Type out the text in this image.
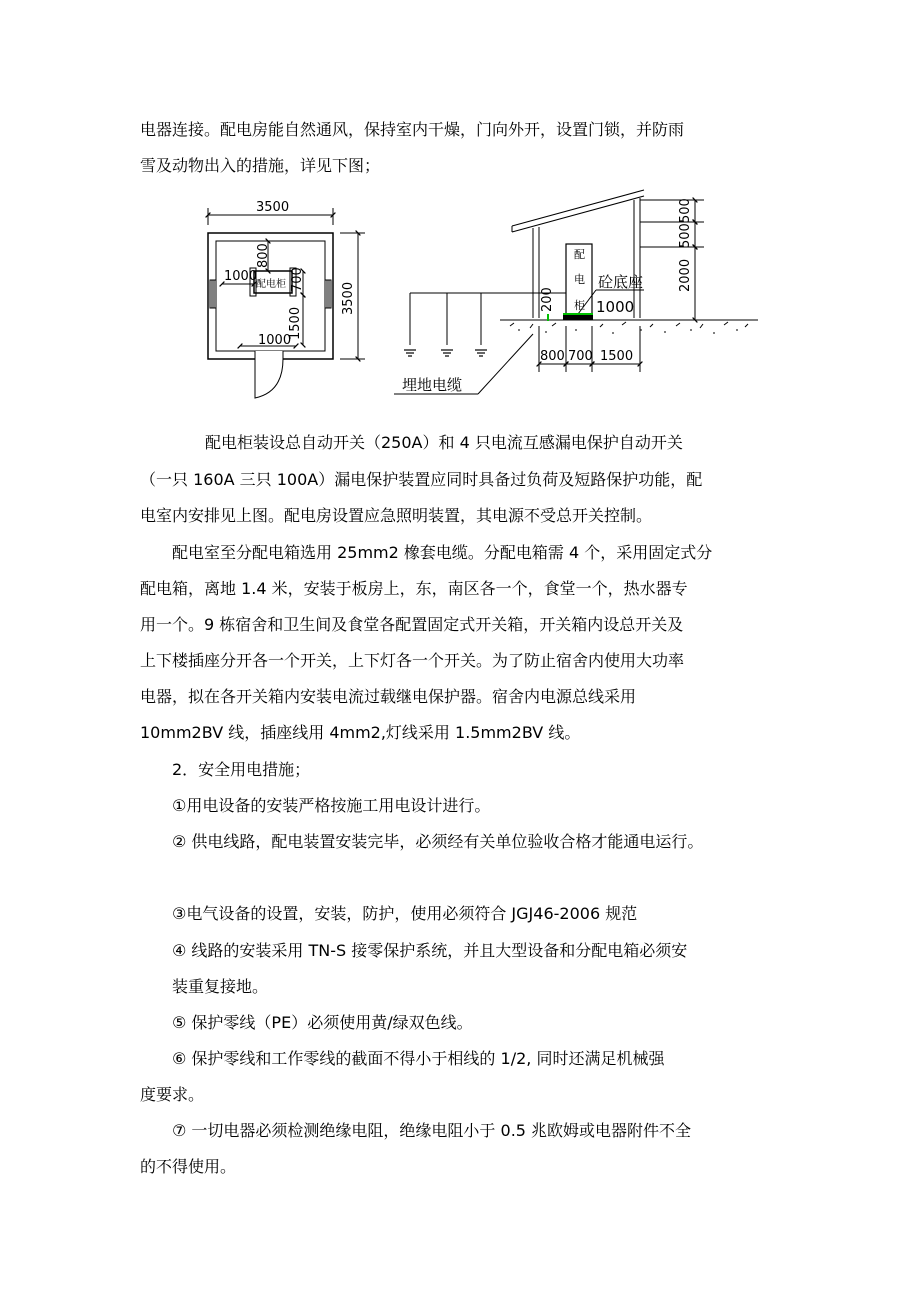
电器连接。配电房能自然通风，保持室内干燥，门向外开，设置门锁，并防雨
雪及动物出入的措施，详见下图；
3500
1000
1000
800
700
1500
3500
配电柜
配
电
柜
砼底座
1000
200
500
500
2000
800 700 1500
埋地电缆
配电柜装设总自动开关（250A）和 4 只电流互感漏电保护自动开关
（一只 160A 三只 100A）漏电保护装置应同时具备过负荷及短路保护功能，配
电室内安排见上图。配电房设置应急照明装置，其电源不受总开关控制。
配电室至分配电箱选用 25mm2 橡套电缆。分配电箱需 4 个，采用固定式分
配电箱，离地 1.4 米，安装于板房上，东，南区各一个，食堂一个，热水器专
用一个。9 栋宿舍和卫生间及食堂各配置固定式开关箱，开关箱内设总开关及
上下楼插座分开各一个开关，上下灯各一个开关。为了防止宿舍内使用大功率
电器，拟在各开关箱内安装电流过载继电保护器。宿舍内电源总线采用
10mm2BV 线，插座线用 4mm2,灯线采用 1.5mm2BV 线。
2．安全用电措施；
①用电设备的安装严格按施工用电设计进行。
② 供电线路，配电装置安装完毕，必须经有关单位验收合格才能通电运行。
③电气设备的设置，安装，防护，使用必须符合 JGJ46-2006 规范
④ 线路的安装采用 TN-S 接零保护系统，并且大型设备和分配电箱必须安
装重复接地。
⑤ 保护零线（PE）必须使用黄/绿双色线。
⑥ 保护零线和工作零线的截面不得小于相线的 1/2, 同时还满足机械强
度要求。
⑦ 一切电器必须检测绝缘电阻，绝缘电阻小于 0.5 兆欧姆或电器附件不全
的不得使用。
